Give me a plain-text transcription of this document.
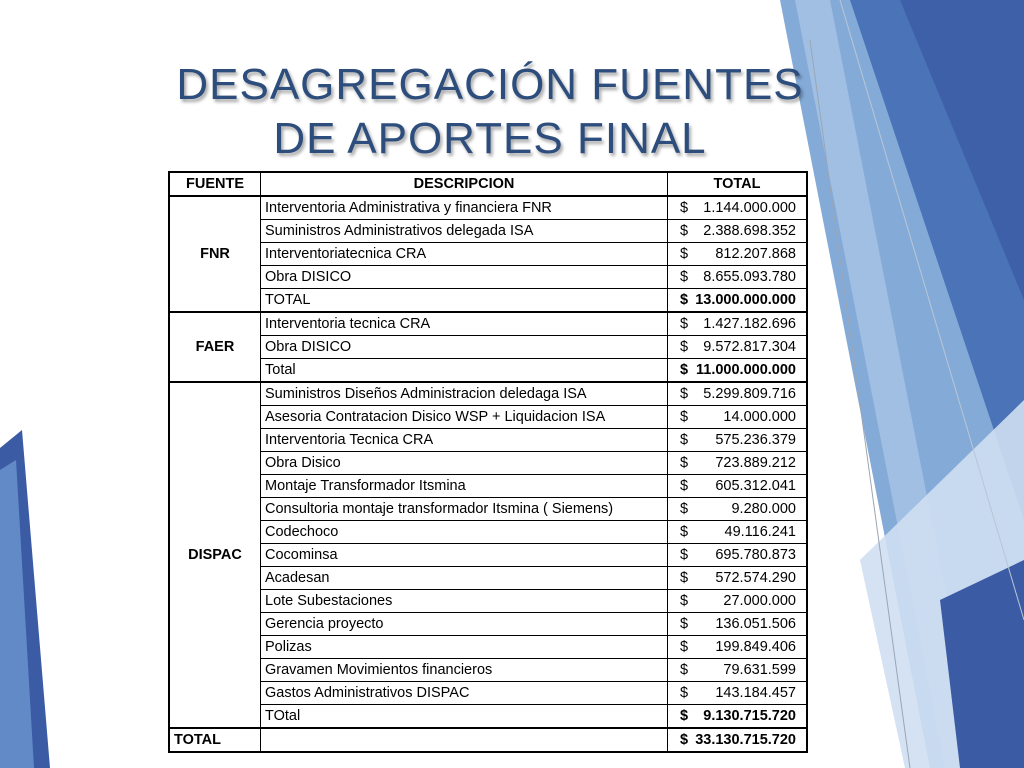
DESAGREGACIÓN FUENTES DE APORTES FINAL
FUENTE	DESCRIPCION	TOTAL
FNR	Interventoria Administrativa y financiera FNR	$ 1.144.000.000

	Suministros Administrativos delegada ISA	$ 2.388.698.352

	Interventoriatecnica CRA	$ 812.207.868

	Obra DISICO	$ 8.655.093.780

	TOTAL	$ 13.000.000.000

FAER	Interventoria tecnica CRA	$ 1.427.182.696

	Obra DISICO	$ 9.572.817.304

	Total	$ 11.000.000.000

DISPAC	Suministros Diseños Administracion deledaga ISA	$ 5.299.809.716

	Asesoria Contratacion Disico WSP + Liquidacion ISA	$ 14.000.000

	Interventoria Tecnica CRA	$ 575.236.379

	Obra Disico	$ 723.889.212

	Montaje Transformador Itsmina	$ 605.312.041

	Consultoria montaje transformador Itsmina ( Siemens)	$ 9.280.000

	Codechoco	$ 49.116.241

	Cocominsa	$ 695.780.873

	Acadesan	$ 572.574.290

	Lote Subestaciones	$ 27.000.000

	Gerencia proyecto	$ 136.051.506

	Polizas	$ 199.849.406

	Gravamen Movimientos financieros	$ 79.631.599

	Gastos Administrativos DISPAC	$ 143.184.457

	TOtal	$ 9.130.715.720

TOTAL		$ 33.130.715.720
